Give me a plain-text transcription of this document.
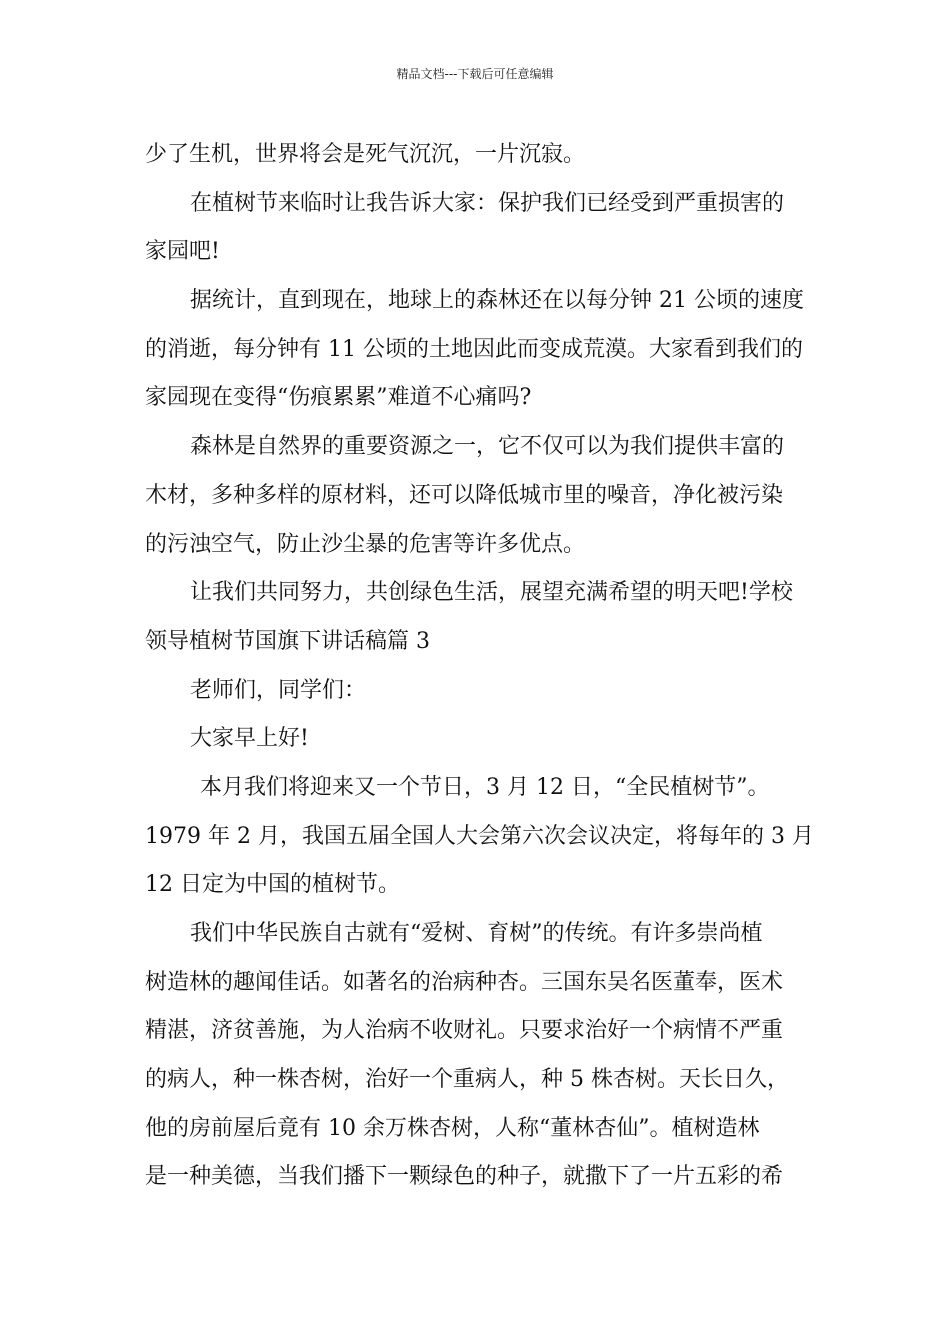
精品文档---下载后可任意编辑
少了生机，世界将会是死气沉沉，一片沉寂。
在植树节来临时让我告诉大家：保护我们已经受到严重损害的
家园吧!
据统计，直到现在，地球上的森林还在以每分钟 21 公顷的速度
的消逝，每分钟有 11 公顷的土地因此而变成荒漠。大家看到我们的
家园现在变得“伤痕累累”难道不心痛吗?
森林是自然界的重要资源之一，它不仅可以为我们提供丰富的
木材，多种多样的原材料，还可以降低城市里的噪音，净化被污染
的污浊空气，防止沙尘暴的危害等许多优点。
让我们共同努力，共创绿色生活，展望充满希望的明天吧!学校
领导植树节国旗下讲话稿篇 3
老师们，同学们：
大家早上好!
本月我们将迎来又一个节日，3 月 12 日，“全民植树节”。
1979 年 2 月，我国五届全国人大会第六次会议决定，将每年的 3 月
12 日定为中国的植树节。
我们中华民族自古就有“爱树、育树”的传统。有许多崇尚植
树造林的趣闻佳话。如著名的治病种杏。三国东吴名医董奉，医术
精湛，济贫善施，为人治病不收财礼。只要求治好一个病情不严重
的病人，种一株杏树，治好一个重病人，种 5 株杏树。天长日久，
他的房前屋后竟有 10 余万株杏树，人称“董林杏仙”。植树造林
是一种美德，当我们播下一颗绿色的种子，就撒下了一片五彩的希
